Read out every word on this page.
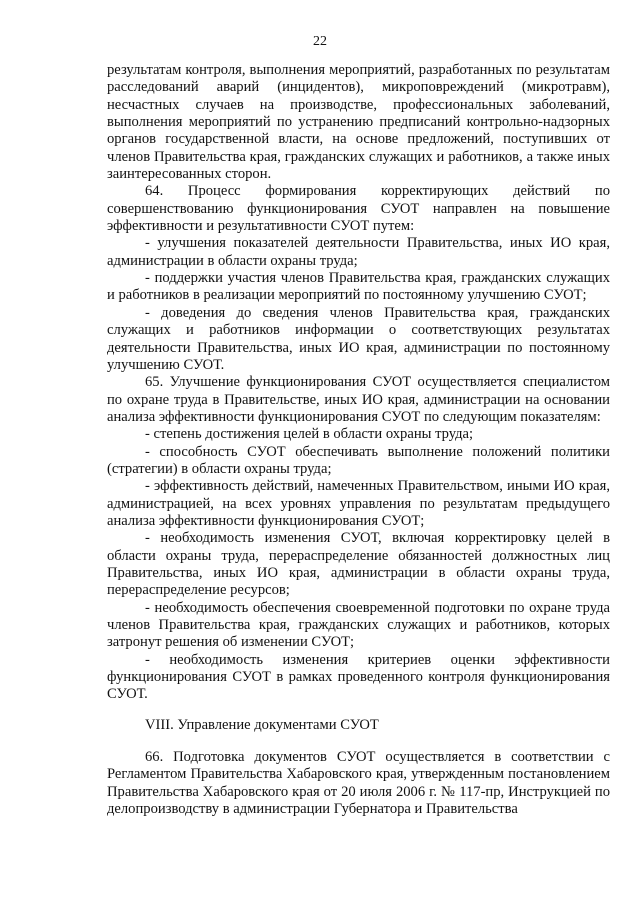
22

результатам контроля, выполнения мероприятий, разработанных по результатам расследований аварий (инцидентов), микроповреждений (микротравм), несчастных случаев на производстве, профессиональных заболеваний, выполнения мероприятий по устранению предписаний контрольно-надзорных органов государственной власти, на основе предложений, поступивших от членов Правительства края, гражданских служащих и работников, а также иных заинтересованных сторон.

64. Процесс формирования корректирующих действий по совершенствованию функционирования СУОТ направлен на повышение эффективности и результативности СУОТ путем:

- улучшения показателей деятельности Правительства, иных ИО края, администрации в области охраны труда;

- поддержки участия членов Правительства края, гражданских служащих и работников в реализации мероприятий по постоянному улучшению СУОТ;

- доведения до сведения членов Правительства края, гражданских служащих и работников информации о соответствующих результатах деятельности Правительства, иных ИО края, администрации по постоянному улучшению СУОТ.

65. Улучшение функционирования СУОТ осуществляется специалистом по охране труда в Правительстве, иных ИО края, администрации на основании анализа эффективности функционирования СУОТ по следующим показателям:

- степень достижения целей в области охраны труда;

- способность СУОТ обеспечивать выполнение положений политики (стратегии) в области охраны труда;

- эффективность действий, намеченных Правительством, иными ИО края, администрацией, на всех уровнях управления по результатам предыдущего анализа эффективности функционирования СУОТ;

- необходимость изменения СУОТ, включая корректировку целей в области охраны труда, перераспределение обязанностей должностных лиц Правительства, иных ИО края, администрации в области охраны труда, перераспределение ресурсов;

- необходимость обеспечения своевременной подготовки по охране труда членов Правительства края, гражданских служащих и работников, которых затронут решения об изменении СУОТ;

- необходимость изменения критериев оценки эффективности функционирования СУОТ в рамках проведенного контроля функционирования СУОТ.

VIII. Управление документами СУОТ

66. Подготовка документов СУОТ осуществляется в соответствии с Регламентом Правительства Хабаровского края, утвержденным постановлением Правительства Хабаровского края от 20 июля 2006 г. № 117-пр, Инструкцией по делопроизводству в администрации Губернатора и Правительства
